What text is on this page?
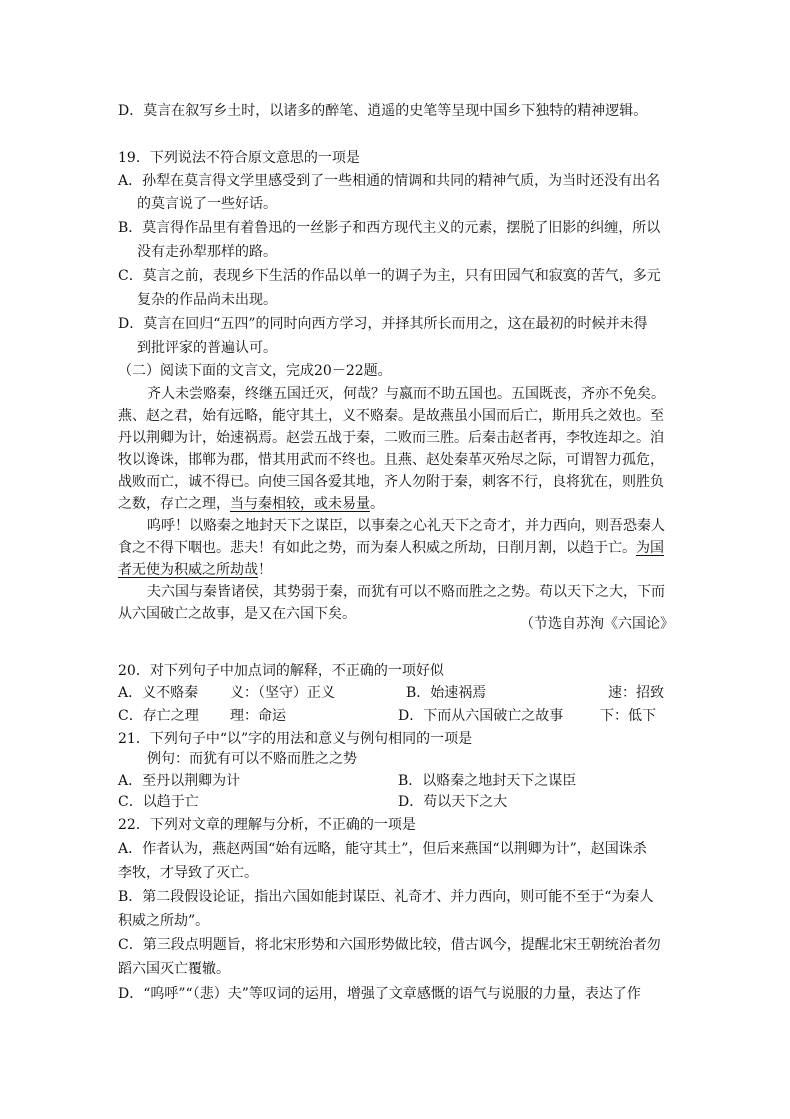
D．莫言在叙写乡土时，以诸多的醉笔、逍遥的史笔等呈现中国乡下独特的精神逻辑。
19．下列说法不符合原文意思的一项是
A．孙犁在莫言得文学里感受到了一些相通的情调和共同的精神气质，为当时还没有出名
的莫言说了一些好话。
B．莫言得作品里有着鲁迅的一丝影子和西方现代主义的元素，摆脱了旧影的纠缠，所以
没有走孙犁那样的路。
C．莫言之前，表现乡下生活的作品以单一的调子为主，只有田园气和寂寞的苦气，多元
复杂的作品尚未出现。
D．莫言在回归“五四”的同时向西方学习，并择其所长而用之，这在最初的时候并未得
到批评家的普遍认可。
（二）阅读下面的文言文，完成20－22题。
齐人未尝赂秦，终继五国迁灭，何哉？与嬴而不助五国也。五国既丧，齐亦不免矣。
燕、赵之君，始有远略，能守其土，义不赂秦。是故燕虽小国而后亡，斯用兵之效也。至
丹以荆卿为计，始速祸焉。赵尝五战于秦，二败而三胜。后秦击赵者再，李牧连却之。洎
牧以谗诛，邯郸为郡，惜其用武而不终也。且燕、赵处秦革灭殆尽之际，可谓智力孤危，
战败而亡，诚不得已。向使三国各爱其地，齐人勿附于秦，刺客不行，良将犹在，则胜负
之数，存亡之理，当与秦相较，或未易量。
呜呼！以赂秦之地封天下之谋臣，以事秦之心礼天下之奇才，并力西向，则吾恐秦人
食之不得下咽也。悲夫！有如此之势，而为秦人积威之所劫，日削月割，以趋于亡。为国
者无使为积威之所劫哉！
夫六国与秦皆诸侯，其势弱于秦，而犹有可以不赂而胜之之势。苟以天下之大，下而
从六国破亡之故事，是又在六国下矣。
（节选自苏洵《六国论》
20．对下列句子中加点词的解释，不正确的一项好似
A．义不赂秦 义：（坚守）正义	B．始速祸焉	速：招致
C．存亡之理 理：命运	D．下而从六国破亡之故事	下：低下
21．下列句子中“以”字的用法和意义与例句相同的一项是
例句：而犹有可以不赂而胜之之势
A．至丹以荆卿为计	B．以赂秦之地封天下之谋臣
C．以趋于亡	D．苟以天下之大
22．下列对文章的理解与分析，不正确的一项是
A．作者认为，燕赵两国“始有远略，能守其土”，但后来燕国“以荆卿为计”，赵国诛杀
李牧，才导致了灭亡。
B．第二段假设论证，指出六国如能封谋臣、礼奇才、并力西向，则可能不至于“为秦人
积威之所劫”。
C．第三段点明题旨，将北宋形势和六国形势做比较，借古讽今，提醒北宋王朝统治者勿
蹈六国灭亡覆辙。
D．“呜呼”“（悲）夫”等叹词的运用，增强了文章感慨的语气与说服的力量，表达了作
